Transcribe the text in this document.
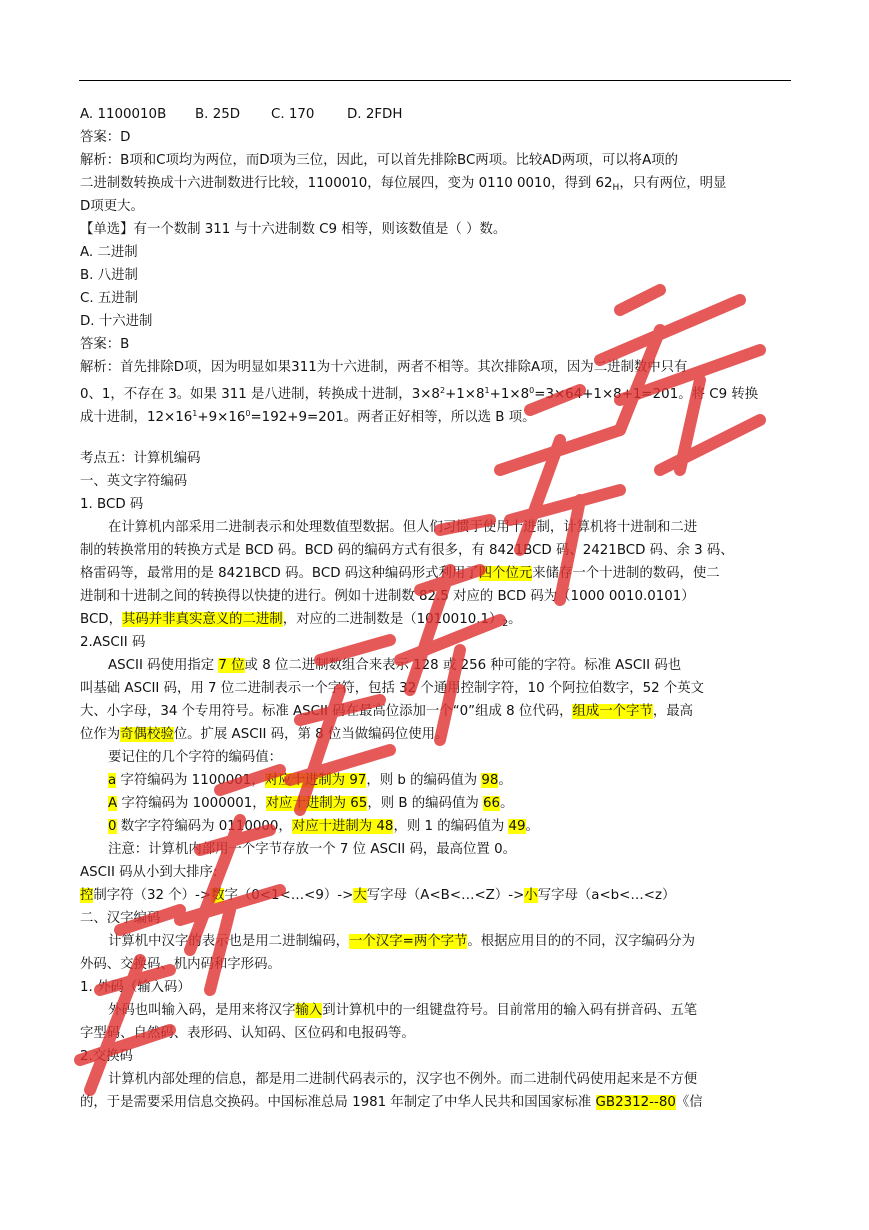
A. 1100010B B. 25D C. 170 D. 2FDH
答案：D
解析：B项和C项均为两位，而D项为三位，因此，可以首先排除BC两项。比较AD两项，可以将A项的
二进制数转换成十六进制数进行比较，1100010，每位展四，变为 0110 0010，得到 $62_H$，只有两位，明显
D项更大。
【单选】有一个数制 311 与十六进制数 C9 相等，则该数值是（ ）数。
A. 二进制
B. 八进制
C. 五进制
D. 十六进制
答案：B
解析：首先排除D项，因为明显如果311为十六进制，两者不相等。其次排除A项，因为二进制数中只有
0、1，不存在 3。如果 311 是八进制，转换成十进制，$3\times 8^2+1\times 8^1+1\times 8^0=3\times 64+1\times 8+1=201$。将 C9 转换
成十进制，$12\times 16^1+9\times 16^0=192+9=201$。两者正好相等，所以选 B 项。
考点五：计算机编码
一、英文字符编码
1. BCD 码
在计算机内部采用二进制表示和处理数值型数据。但人们习惯于使用十进制，计算机将十进制和二进
制的转换常用的转换方式是 BCD 码。BCD 码的编码方式有很多，有 8421BCD 码、2421BCD 码、余 3 码、
格雷码等，最常用的是 8421BCD 码。BCD 码这种编码形式利用了四个位元来储存一个十进制的数码，使二
进制和十进制之间的转换得以快捷的进行。例如十进制数 82.5 对应的 BCD 码为（1000 0010.0101）
BCD，其码并非真实意义的二进制，对应的二进制数是$(1010010.1)_2$。
2.ASCII 码
ASCII 码使用指定 7 位或 8 位二进制数组合来表示 128 或 256 种可能的字符。标准 ASCII 码也
叫基础 ASCII 码，用 7 位二进制表示一个字符，包括 32 个通用控制字符，10 个阿拉伯数字，52 个英文
大、小字母，34 个专用符号。标准 ASCII 码在最高位添加一个“0”组成 8 位代码，组成一个字节，最高
位作为奇偶校验位。扩展 ASCII 码，第 8 位当做编码位使用。
要记住的几个字符的编码值：
a 字符编码为 1100001，对应十进制为 97，则 b 的编码值为 98。
A 字符编码为 1000001，对应十进制为 65，则 B 的编码值为 66。
0 数字字符编码为 0110000，对应十进制为 48，则 1 的编码值为 49。
注意：计算机内部用一个字节存放一个 7 位 ASCII 码，最高位置 0。
ASCII 码从小到大排序:
控制字符（32 个）->数字（0<1<…<9）->大写字母（A<B<…<Z）->小写字母（a<b<…<z）
二、汉字编码
计算机中汉字的表示也是用二进制编码，一个汉字=两个字节。根据应用目的的不同，汉字编码分为
外码、交换码、机内码和字形码。
1. 外码（输入码）
外码也叫输入码，是用来将汉字输入到计算机中的一组键盘符号。目前常用的输入码有拼音码、五笔
字型码、自然码、表形码、认知码、区位码和电报码等。
2.交换码
计算机内部处理的信息，都是用二进制代码表示的，汉字也不例外。而二进制代码使用起来是不方便
的，于是需要采用信息交换码。中国标准总局 1981 年制定了中华人民共和国国家标准 GB2312--80《信
